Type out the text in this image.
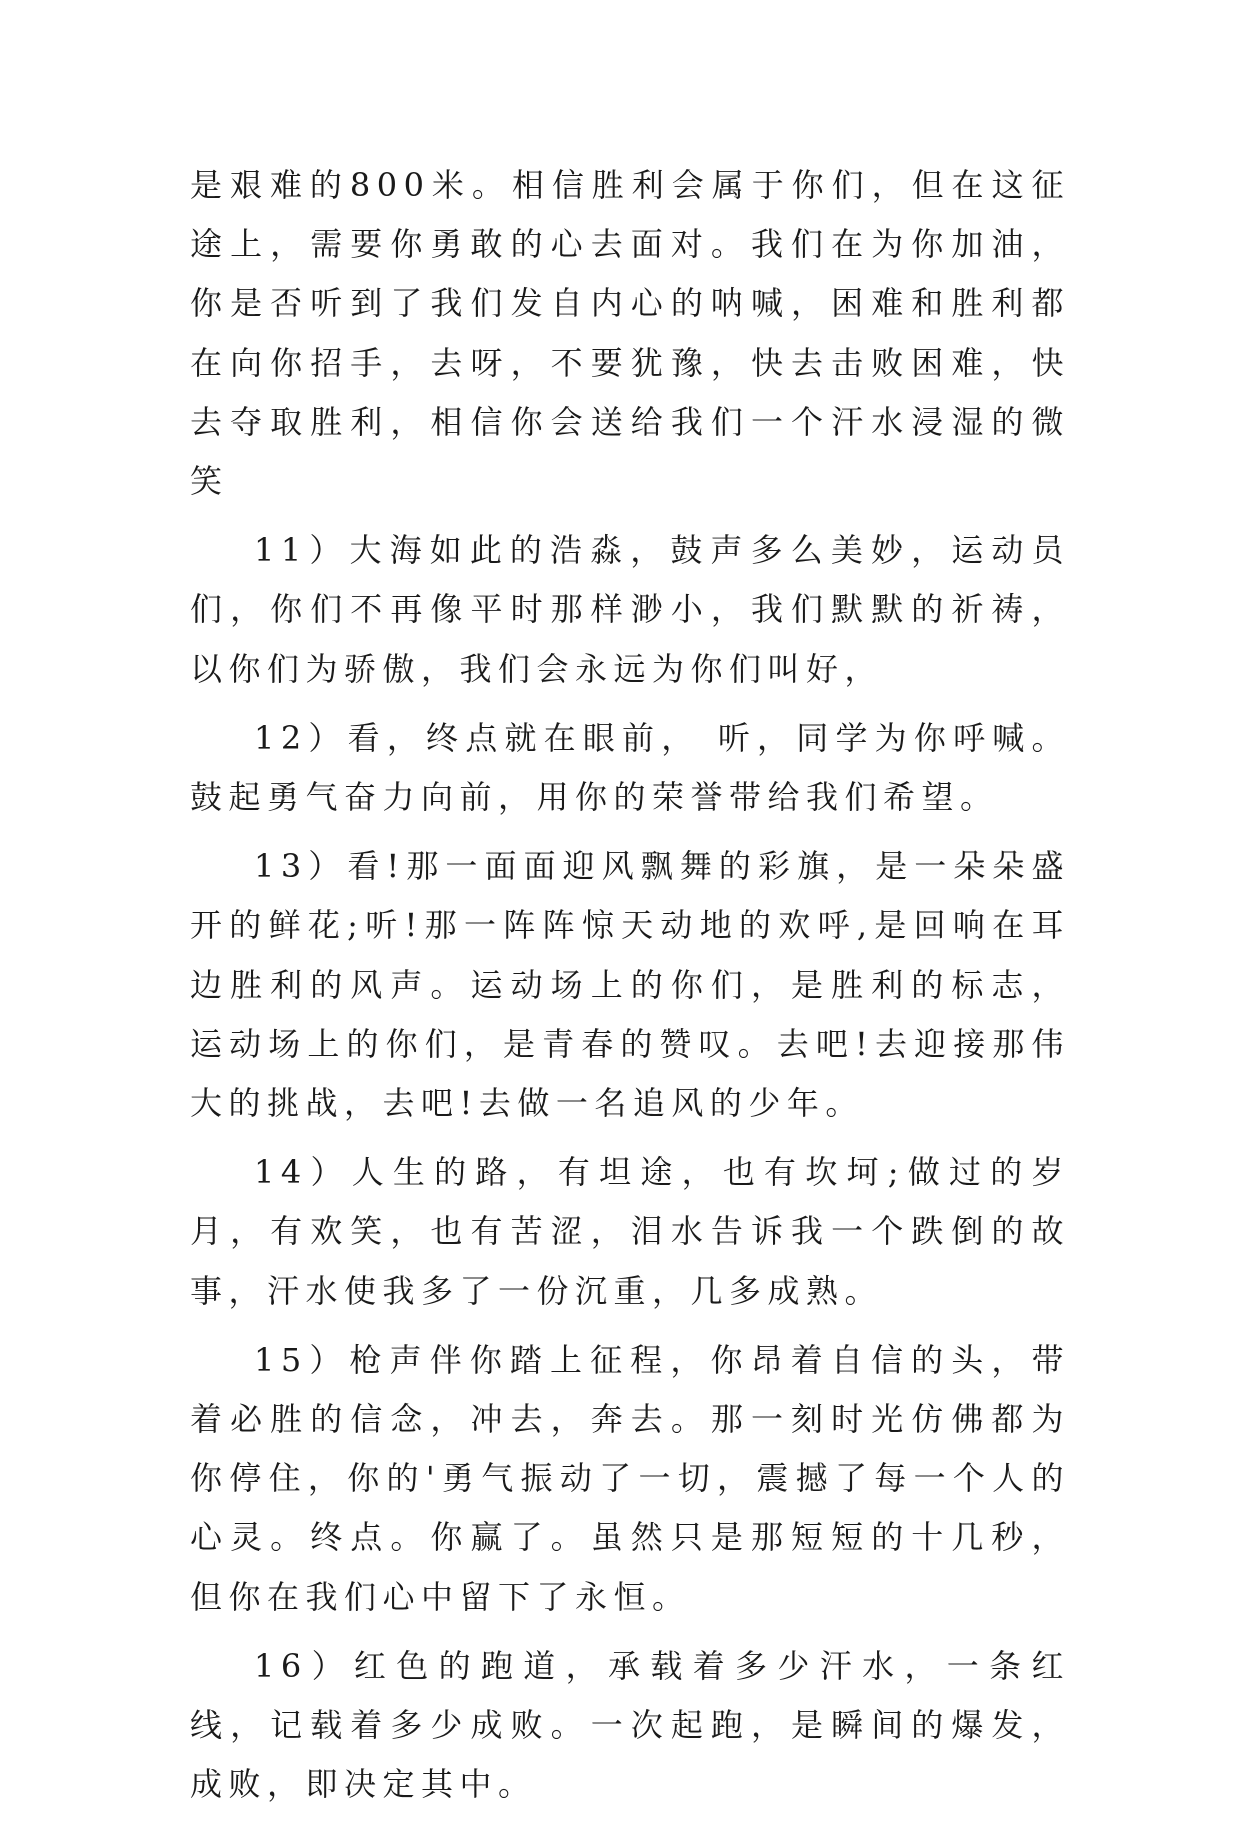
是艰难的800米。相信胜利会属于你们，但在这征途上，需要你勇敢的心去面对。我们在为你加油，你是否听到了我们发自内心的呐喊，困难和胜利都在向你招手，去呀，不要犹豫，快去击败困难，快去夺取胜利，相信你会送给我们一个汗水浸湿的微笑

11）大海如此的浩淼，鼓声多么美妙，运动员们，你们不再像平时那样渺小，我们默默的祈祷，以你们为骄傲，我们会永远为你们叫好，

12）看，终点就在眼前， 听，同学为你呼喊。鼓起勇气奋力向前，用你的荣誉带给我们希望。

13）看!那一面面迎风飘舞的彩旗，是一朵朵盛开的鲜花;听!那一阵阵惊天动地的欢呼,是回响在耳边胜利的风声。运动场上的你们，是胜利的标志，运动场上的你们，是青春的赞叹。去吧!去迎接那伟大的挑战，去吧!去做一名追风的少年。

14）人生的路，有坦途，也有坎坷;做过的岁月，有欢笑，也有苦涩，泪水告诉我一个跌倒的故事，汗水使我多了一份沉重，几多成熟。

15）枪声伴你踏上征程，你昂着自信的头，带着必胜的信念，冲去，奔去。那一刻时光仿佛都为你停住，你的'勇气振动了一切，震撼了每一个人的心灵。终点。你赢了。虽然只是那短短的十几秒，但你在我们心中留下了永恒。

16）红色的跑道，承载着多少汗水，一条红线，记载着多少成败。一次起跑，是瞬间的爆发，成败，即决定其中。
